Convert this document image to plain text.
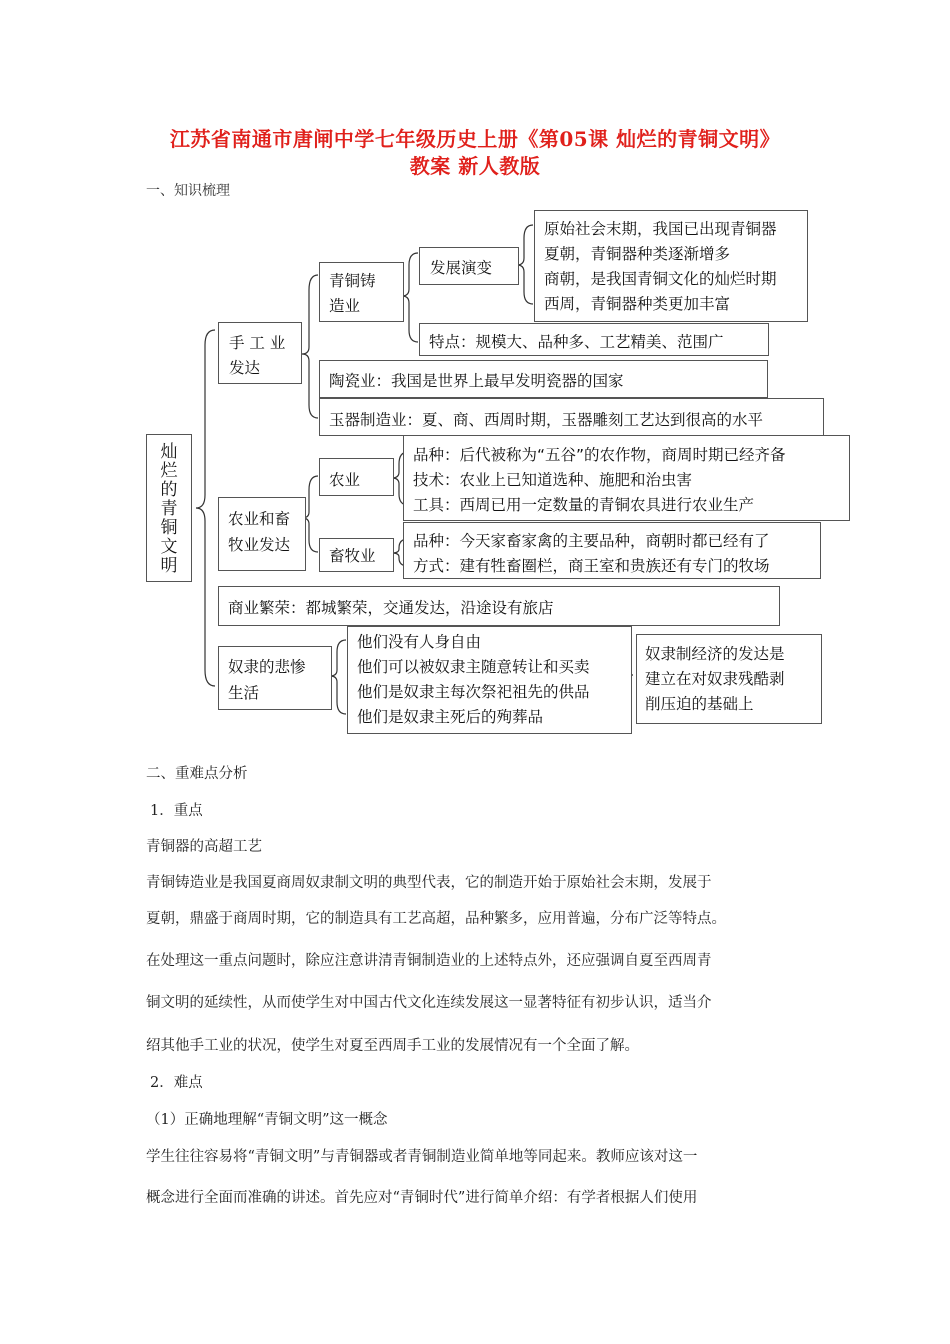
江苏省南通市唐闸中学七年级历史上册《第05课 灿烂的青铜文明》
教案 新人教版
一、知识梳理
灿烂的青铜文明
手 工 业
发达
青铜铸
造业
发展演变
原始社会末期，我国已出现青铜器
夏朝，青铜器种类逐渐增多
商朝，是我国青铜文化的灿烂时期
西周，青铜器种类更加丰富
特点：规模大、品种多、工艺精美、范围广
陶瓷业：我国是世界上最早发明瓷器的国家
玉器制造业：夏、商、西周时期，玉器雕刻工艺达到很高的水平
农业和畜
牧业发达
农业
品种：后代被称为“五谷”的农作物，商周时期已经齐备
技术：农业上已知道选种、施肥和治虫害
工具：西周已用一定数量的青铜农具进行农业生产
畜牧业
品种：今天家畜家禽的主要品种，商朝时都已经有了
方式：建有牲畜圈栏，商王室和贵族还有专门的牧场
商业繁荣：都城繁荣，交通发达，沿途设有旅店
奴隶的悲惨
生活
他们没有人身自由
他们可以被奴隶主随意转让和买卖
他们是奴隶主每次祭祀祖先的供品
他们是奴隶主死后的殉葬品
奴隶制经济的发达是
建立在对奴隶残酷剥
削压迫的基础上
二、重难点分析
1．重点
青铜器的高超工艺
青铜铸造业是我国夏商周奴隶制文明的典型代表，它的制造开始于原始社会末期，发展于
夏朝，鼎盛于商周时期，它的制造具有工艺高超，品种繁多，应用普遍，分布广泛等特点。
在处理这一重点问题时，除应注意讲清青铜制造业的上述特点外，还应强调自夏至西周青
铜文明的延续性，从而使学生对中国古代文化连续发展这一显著特征有初步认识，适当介
绍其他手工业的状况，使学生对夏至西周手工业的发展情况有一个全面了解。
2．难点
（1）正确地理解“青铜文明”这一概念
学生往往容易将“青铜文明”与青铜器或者青铜制造业简单地等同起来。教师应该对这一
概念进行全面而准确的讲述。首先应对“青铜时代”进行简单介绍：有学者根据人们使用
